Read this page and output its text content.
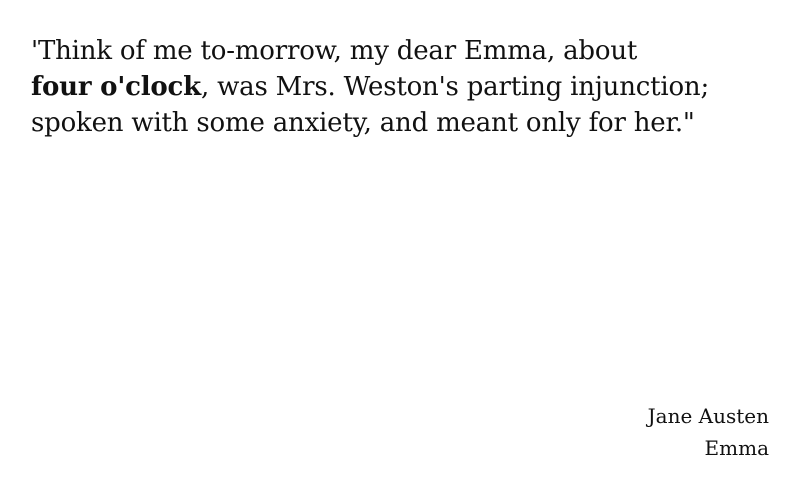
'Think of me to-morrow, my dear Emma, about
four o'clock, was Mrs. Weston's parting injunction;
spoken with some anxiety, and meant only for her."

Jane Austen
Emma
